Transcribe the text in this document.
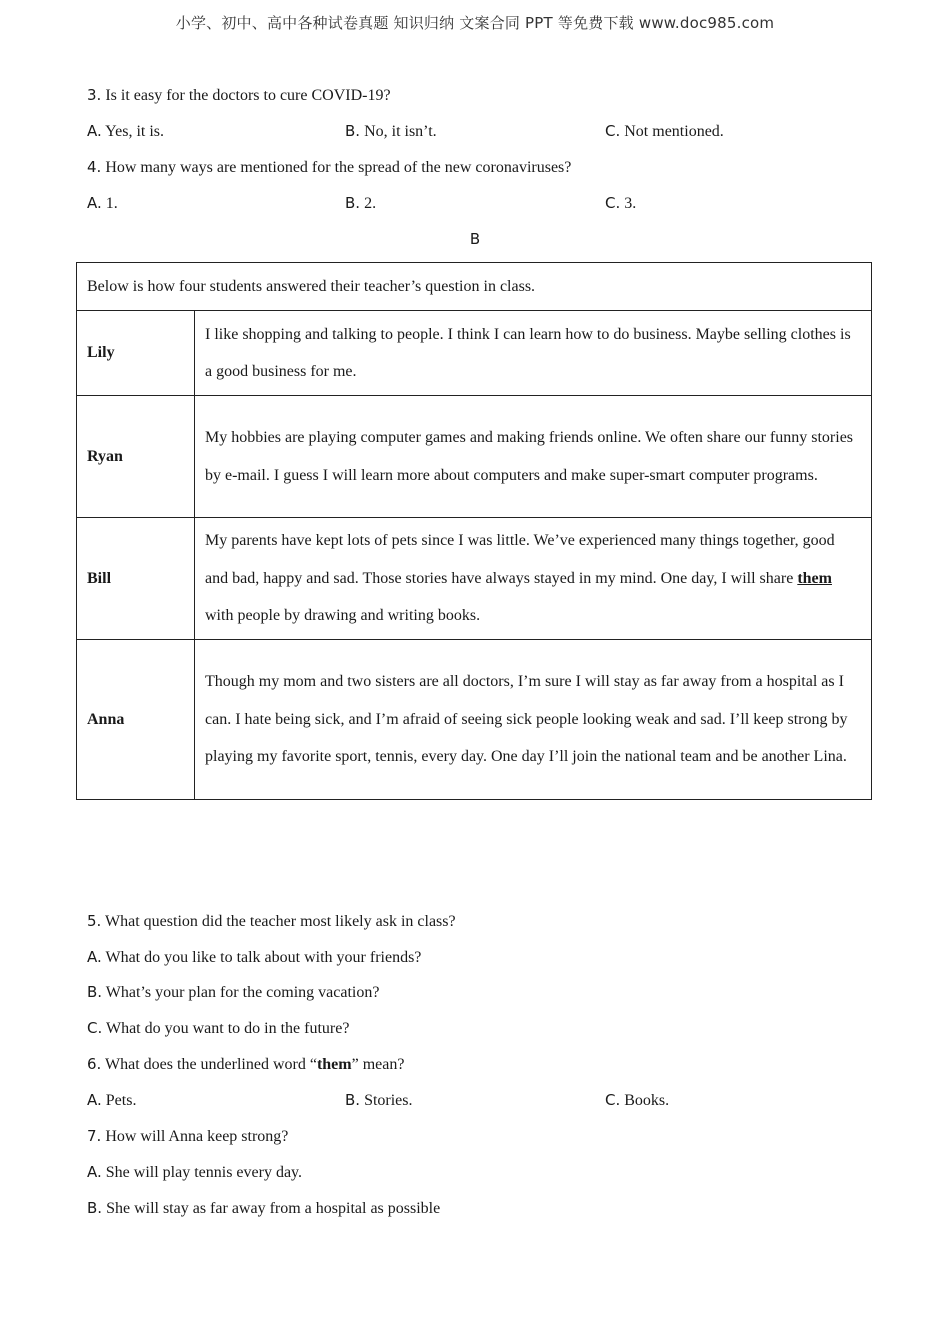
小学、初中、高中各种试卷真题 知识归纳 文案合同 PPT 等免费下载 www.doc985.com
3. Is it easy for the doctors to cure COVID-19?
A. Yes, it is.	B. No, it isn’t.	C. Not mentioned.
4. How many ways are mentioned for the spread of the new coronaviruses?
A. 1.	B. 2.	C. 3.
B
Below is how four students answered their teacher’s question in class.	
Lily	I like shopping and talking to people. I think I can learn how to do business. Maybe selling clothes is a good business for me.
Ryan	My hobbies are playing computer games and making friends online. We often share our funny stories by e-mail. I guess I will learn more about computers and make super-smart computer programs.
Bill	My parents have kept lots of pets since I was little. We’ve experienced many things together, good and bad, happy and sad. Those stories have always stayed in my mind. One day, I will share them with people by drawing and writing books.
Anna	Though my mom and two sisters are all doctors, I’m sure I will stay as far away from a hospital as I can. I hate being sick, and I’m afraid of seeing sick people looking weak and sad. I’ll keep strong by playing my favorite sport, tennis, every day. One day I’ll join the national team and be another Lina.
5. What question did the teacher most likely ask in class?
A. What do you like to talk about with your friends?
B. What’s your plan for the coming vacation?
C. What do you want to do in the future?
6. What does the underlined word “them” mean?
A. Pets.	B. Stories.	C. Books.
7. How will Anna keep strong?
A. She will play tennis every day.
B. She will stay as far away from a hospital as possible
